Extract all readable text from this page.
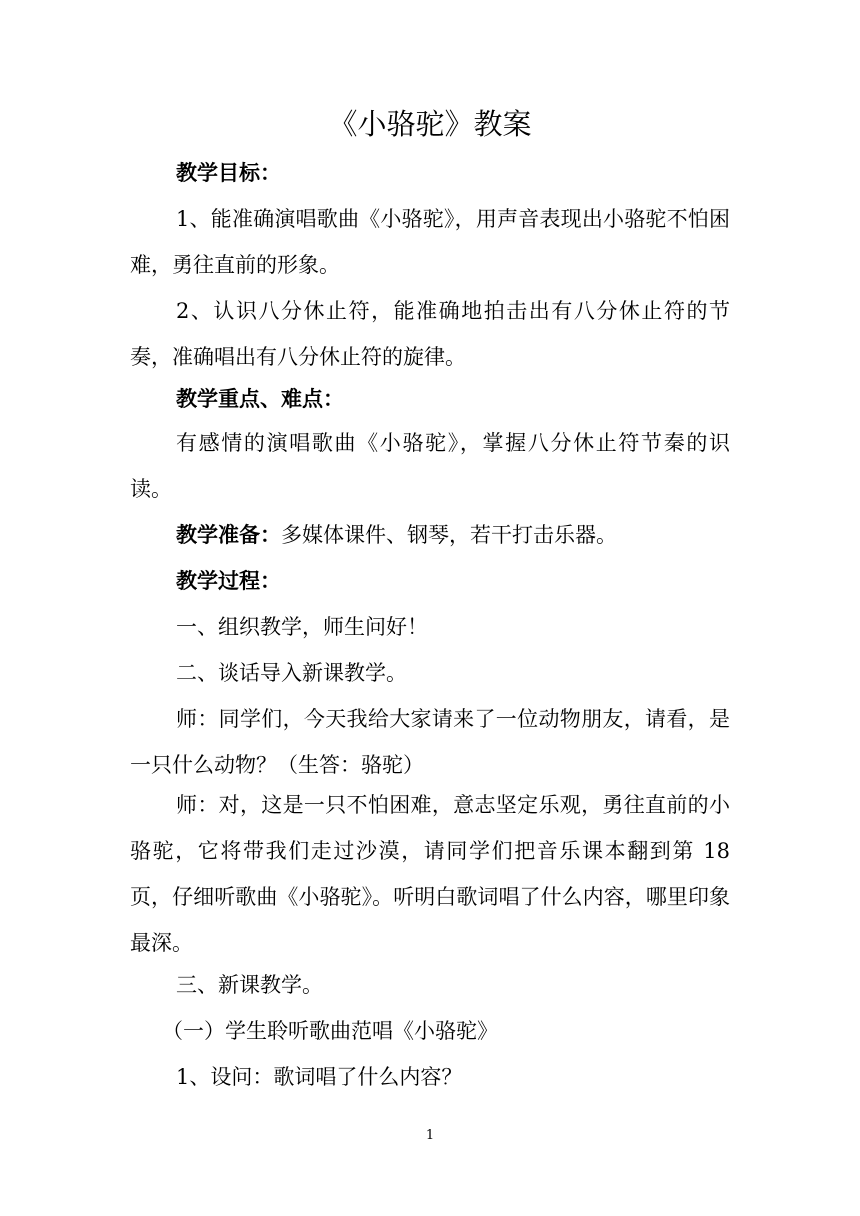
《小骆驼》教案
教学目标：
1、能准确演唱歌曲《小骆驼》，用声音表现出小骆驼不怕困难，勇往直前的形象。
2、认识八分休止符，能准确地拍击出有八分休止符的节奏，准确唱出有八分休止符的旋律。
教学重点、难点：
有感情的演唱歌曲《小骆驼》，掌握八分休止符节秦的识读。
教学准备：多媒体课件、钢琴，若干打击乐器。
教学过程：
一、组织教学，师生问好！
二、谈话导入新课教学。
师：同学们，今天我给大家请来了一位动物朋友，请看，是一只什么动物？（生答：骆驼）
师：对，这是一只不怕困难，意志坚定乐观，勇往直前的小骆驼，它将带我们走过沙漠，请同学们把音乐课本翻到第 18 页，仔细听歌曲《小骆驼》。听明白歌词唱了什么内容，哪里印象最深。
三、新课教学。
（一）学生聆听歌曲范唱《小骆驼》
1、设问：歌词唱了什么内容？
1
